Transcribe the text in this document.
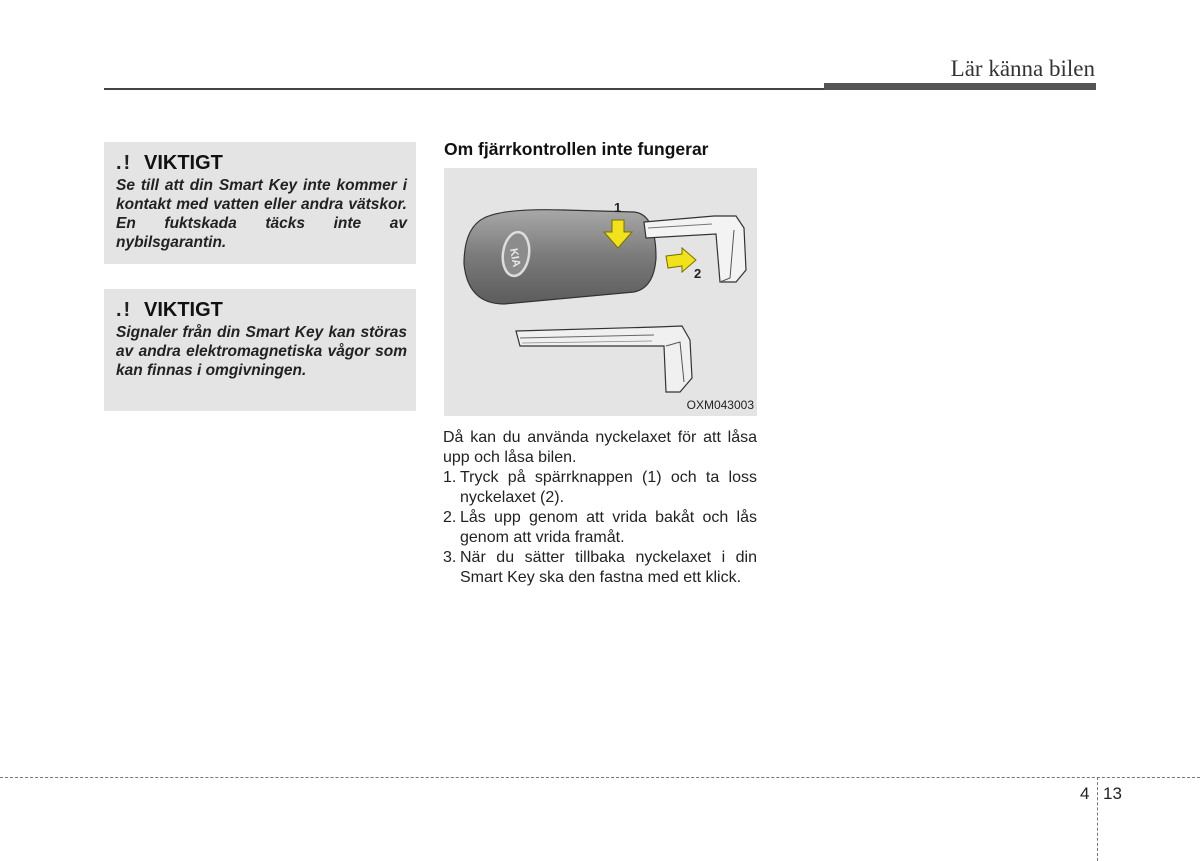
Lär känna bilen
.! VIKTIGT
Se till att din Smart Key inte kommer i kontakt med vatten eller andra vätskor. En fuktskada täcks inte av nybilsgarantin.
.! VIKTIGT
Signaler från din Smart Key kan störas av andra elektromagnetiska vågor som kan finnas i omgivningen.
Om fjärrkontrollen inte fungerar
KIA
1
2
OXM043003

Då kan du använda nyckelaxet för att låsa upp och låsa bilen.

1. Tryck på spärrknappen (1) och ta loss nyckelaxet (2).
2. Lås upp genom att vrida bakåt och lås genom att vrida framåt.
3. När du sätter tillbaka nyckelaxet i din Smart Key ska den fastna med ett klick.
4 13
